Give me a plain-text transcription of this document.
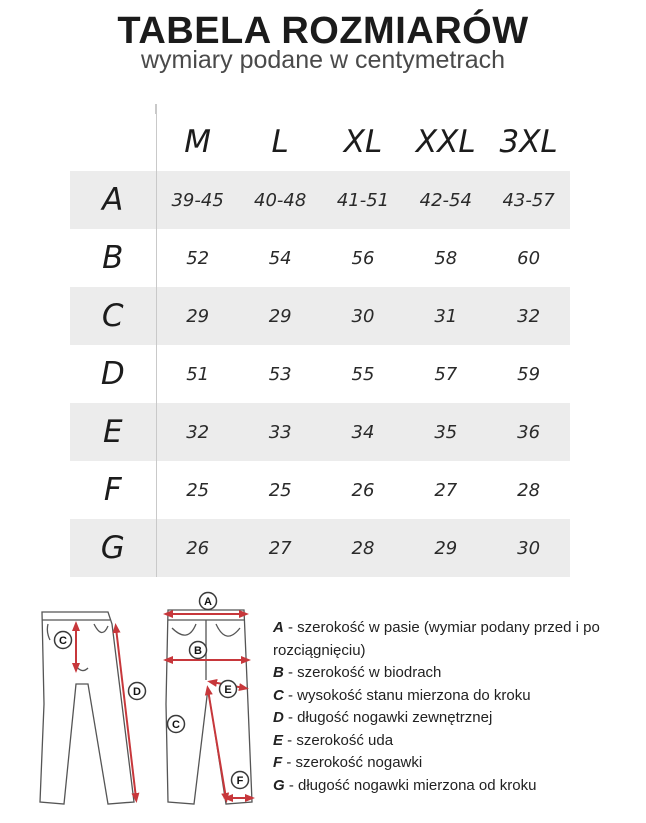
TABELA ROZMIARÓW
wymiary podane w centymetrach
	M	L	XL	XXL	3XL
A	39-45	40-48	41-51	42-54	43-57
B	52	54	56	58	60
C	29	29	30	31	32
D	51	53	55	57	59
E	32	33	34	35	36
F	25	25	26	27	28
G	26	27	28	29	30
C
D
A
B
E
C
F

A - szerokość w pasie (wymiar podany przed i po rozciągnięciu)

B - szerokość w biodrach

C - wysokość stanu mierzona do kroku

D - długość nogawki zewnętrznej

E - szerokość uda

F - szerokość nogawki

G - długość nogawki mierzona od kroku
